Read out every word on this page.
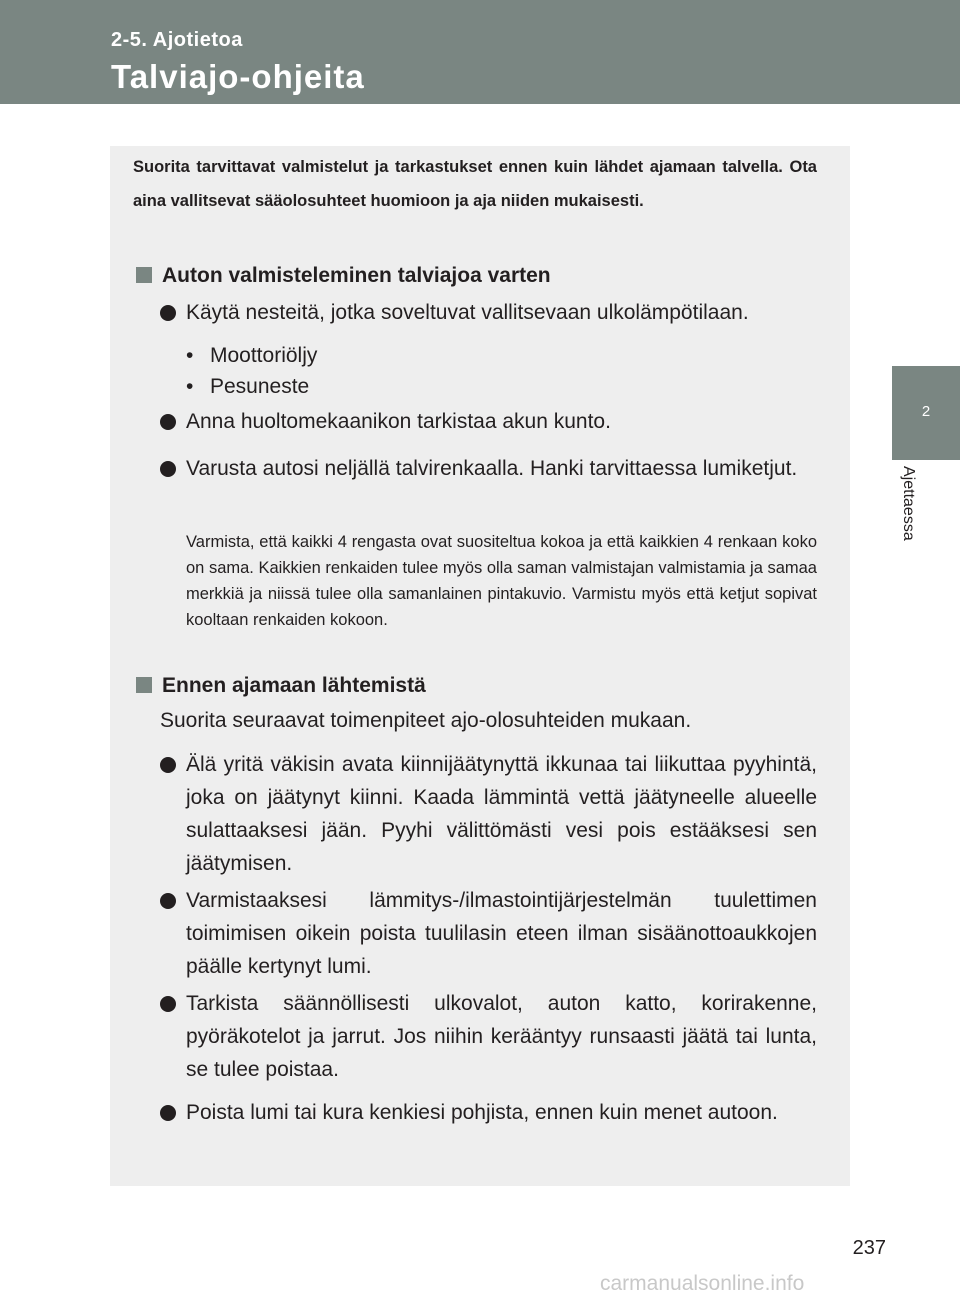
2-5. Ajotietoa
Talviajo-ohjeita
2
Ajettaessa
Suorita tarvittavat valmistelut ja tarkastukset ennen kuin lähdet ajamaan talvella. Ota aina vallitsevat sääolosuhteet huomioon ja aja niiden mukaisesti.
Auton valmisteleminen talviajoa varten
Käytä nesteitä, jotka soveltuvat vallitsevaan ulkolämpötilaan.
• Moottoriöljy
• Pesuneste
Anna huoltomekaanikon tarkistaa akun kunto.
Varusta autosi neljällä talvirenkaalla. Hanki tarvittaessa lumiketjut.
Varmista, että kaikki 4 rengasta ovat suositeltua kokoa ja että kaikkien 4 renkaan koko on sama. Kaikkien renkaiden tulee myös olla saman valmistajan valmistamia ja samaa merkkiä ja niissä tulee olla samanlainen pintakuvio. Varmistu myös että ketjut sopivat kooltaan renkaiden kokoon.
Ennen ajamaan lähtemistä
Suorita seuraavat toimenpiteet ajo-olosuhteiden mukaan.
Älä yritä väkisin avata kiinnijäätynyttä ikkunaa tai liikuttaa pyyhintä, joka on jäätynyt kiinni. Kaada lämmintä vettä jäätyneelle alueelle sulattaaksesi jään. Pyyhi välittömästi vesi pois estääksesi sen jäätymisen.
Varmistaaksesi lämmitys-/ilmastointijärjestelmän tuulettimen toimimisen oikein poista tuulilasin eteen ilman sisäänottoaukkojen päälle kertynyt lumi.
Tarkista säännöllisesti ulkovalot, auton katto, korirakenne, pyöräkotelot ja jarrut. Jos niihin kerääntyy runsaasti jäätä tai lunta, se tulee poistaa.
Poista lumi tai kura kenkiesi pohjista, ennen kuin menet autoon.
237
carmanualsonline.info
